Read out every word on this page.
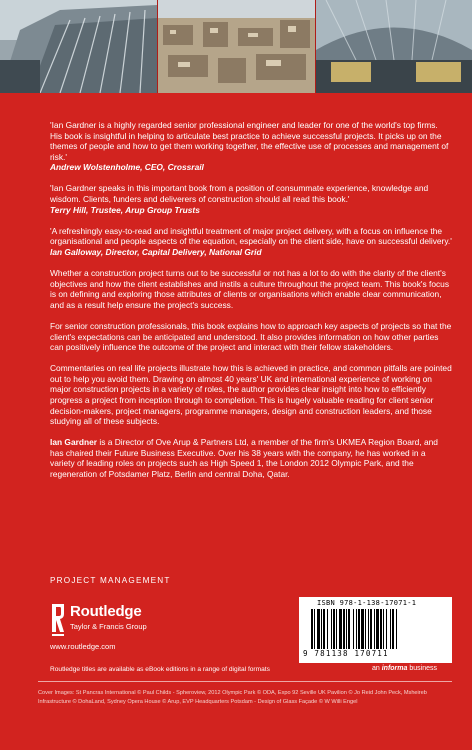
'Ian Gardner is a highly regarded senior professional engineer and leader for one of the world's top firms. His book is insightful in helping to articulate best practice to achieve successful projects. It picks up on the themes of people and how to get them working together, the effective use of processes and management of risk.'
Andrew Wolstenholme, CEO, Crossrail
'Ian Gardner speaks in this important book from a position of consummate experience, knowledge and wisdom. Clients, funders and deliverers of construction should all read this book.'
Terry Hill, Trustee, Arup Group Trusts
'A refreshingly easy-to-read and insightful treatment of major project delivery, with a focus on influence the organisational and people aspects of the equation, especially on the client side, have on successful delivery.'
Ian Galloway, Director, Capital Delivery, National Grid

Whether a construction project turns out to be successful or not has a lot to do with the clarity of the client's objectives and how the client establishes and instils a culture throughout the project team. This book's focus is on defining and exploring those attributes of clients or organisations which enable clear communication, and as a result help ensure the project's success.

For senior construction professionals, this book explains how to approach key aspects of projects so that the client's expectations can be anticipated and understood. It also provides information on how other parties can positively influence the outcome of the project and interact with their fellow stakeholders.

Commentaries on real life projects illustrate how this is achieved in practice, and common pitfalls are pointed out to help you avoid them. Drawing on almost 40 years' UK and international experience of working on major construction projects in a variety of roles, the author provides clear insight into how to efficiently progress a project from inception through to completion. This is hugely valuable reading for client senior decision-makers, project managers, programme managers, design and construction leaders, and those studying all of these subjects.

Ian Gardner is a Director of Ove Arup & Partners Ltd, a member of the firm's UKMEA Region Board, and has chaired their Future Business Executive. Over his 38 years with the company, he has worked in a variety of leading roles on projects such as High Speed 1, the London 2012 Olympic Park, and the regeneration of Potsdamer Platz, Berlin and central Doha, Qatar.

PROJECT MANAGEMENT
Routledge
Taylor & Francis Group
www.routledge.com
ISBN 978-1-138-17071-1
9 781138 170711
Routledge titles are available as eBook editions in a range of digital formats	an informa business
Cover Images: St Pancras International © Paul Childs - Spheroview, 2012 Olympic Park © ODA, Expo 92 Seville UK Pavilion © Jo Reid John Peck, Msheireb Infrastructure © DohaLand, Sydney Opera House © Arup, EVP Headquarters Potsdam - Design of Glass Façade © W Willi Engel
